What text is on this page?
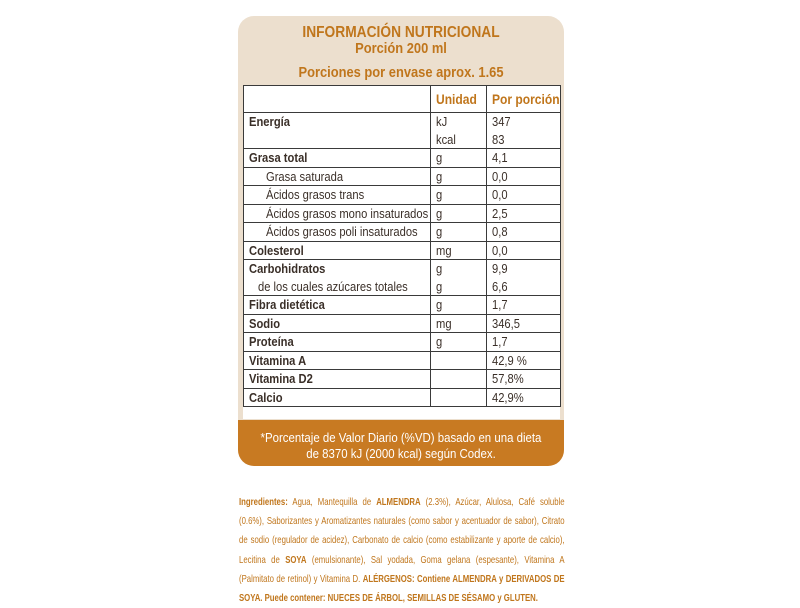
INFORMACIÓN NUTRICIONAL
Porción 200 ml
Porciones por envase aprox. 1.65
	Unidad	Por porción
Energía	kJ	347
	kcal	83
Grasa total	g	4,1
Grasa saturada	g	0,0
Ácidos grasos trans	g	0,0
Ácidos grasos mono insaturados	g	2,5
Ácidos grasos poli insaturados	g	0,8
Colesterol	mg	0,0
Carbohidratos	g	9,9
de los cuales azúcares totales	g	6,6
Fibra dietética	g	1,7
Sodio	mg	346,5
Proteína	g	1,7
Vitamina A		42,9 %
Vitamina D2		57,8%
Calcio		42,9%
*Porcentaje de Valor Diario (%VD) basado en una dieta
de 8370 kJ (2000 kcal) según Codex.
Ingredientes: Agua, Mantequilla de ALMENDRA (2.3%), Azúcar, Alulosa, Café soluble (0.6%), Saborizantes y Aromatizantes naturales (como sabor y acentuador de sabor), Citrato de sodio (regulador de acidez), Carbonato de calcio (como estabilizante y aporte de calcio), Lecitina de SOYA (emulsionante), Sal yodada, Goma gelana (espesante), Vitamina A (Palmitato de retinol) y Vitamina D. ALÉRGENOS: Contiene ALMENDRA y DERIVADOS DE SOYA. Puede contener: NUECES DE ÁRBOL, SEMILLAS DE SÉSAMO y GLUTEN.
